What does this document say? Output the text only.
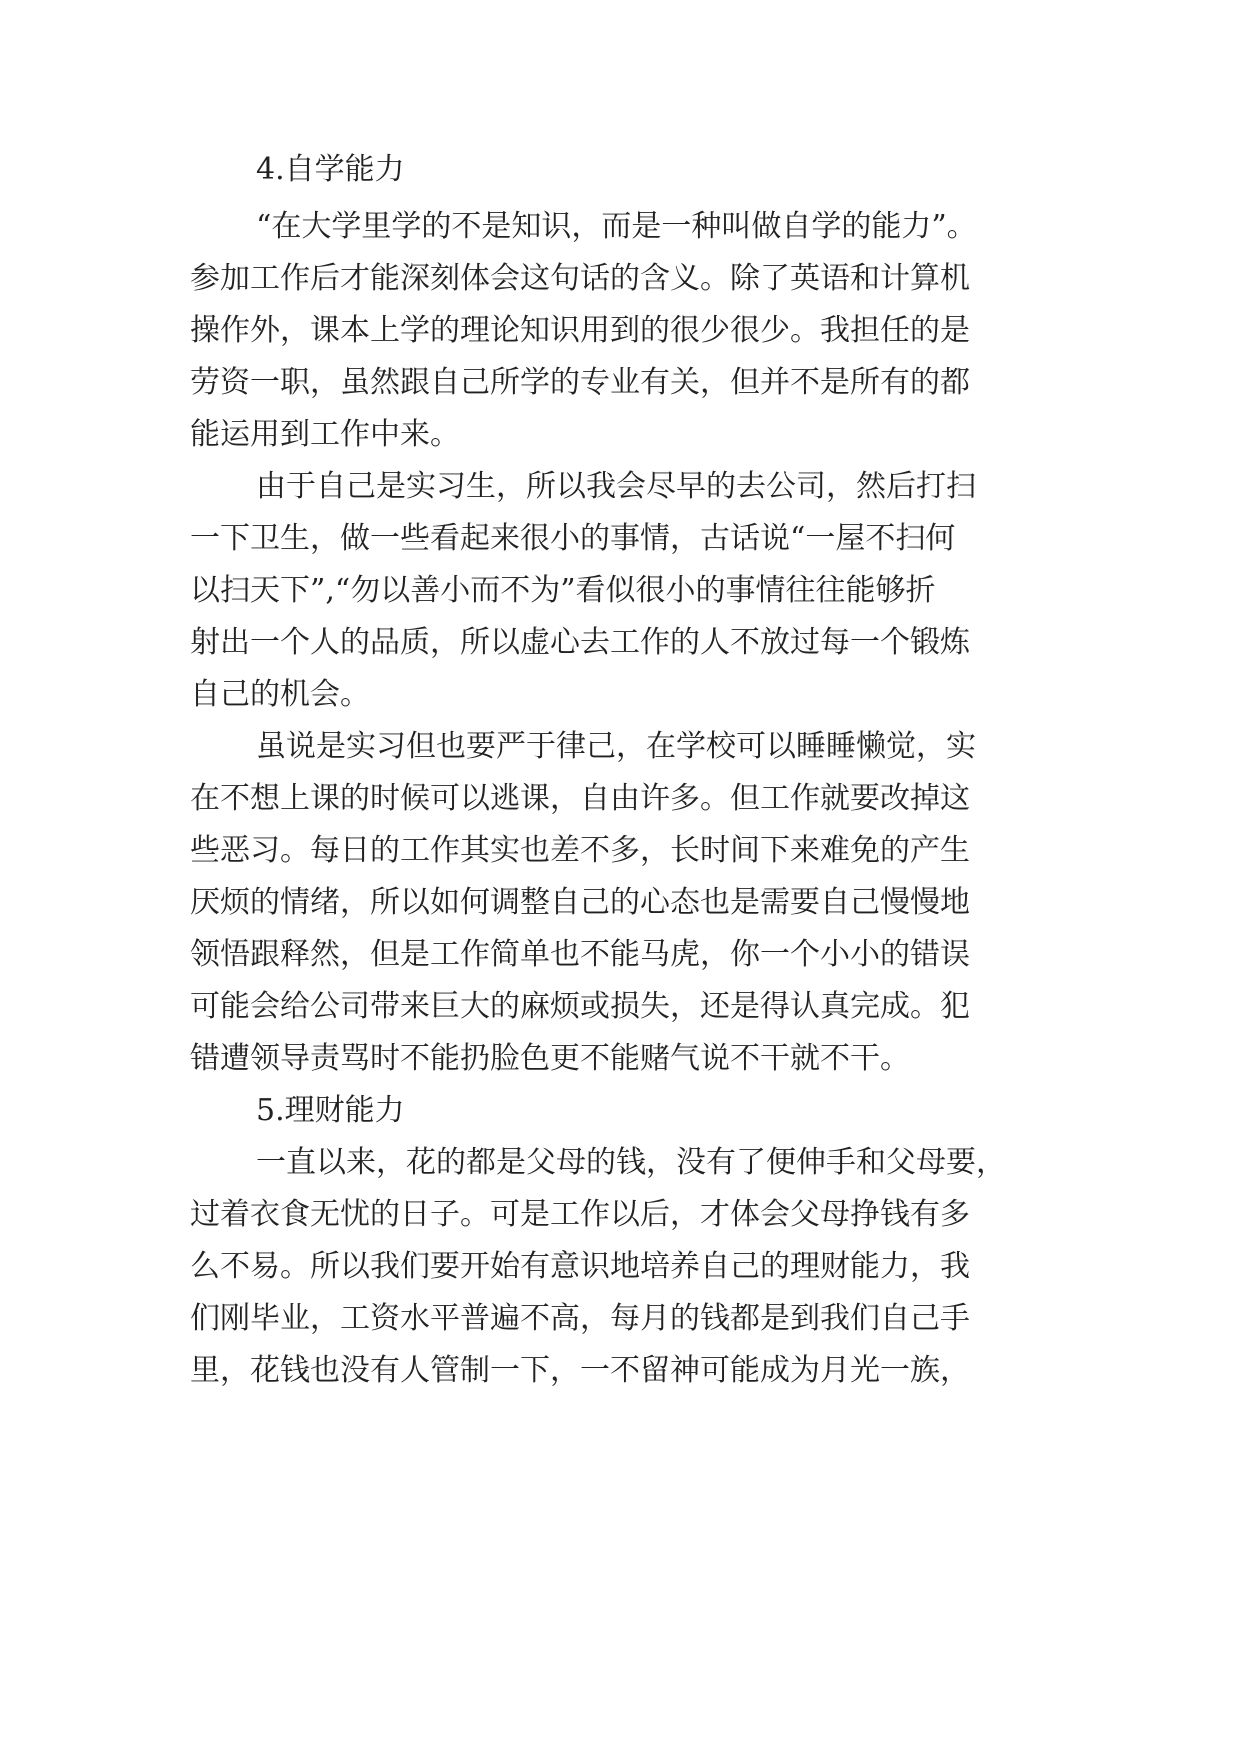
4.自学能力
“在大学里学的不是知识，而是一种叫做自学的能力”。
参加工作后才能深刻体会这句话的含义。除了英语和计算机
操作外，课本上学的理论知识用到的很少很少。我担任的是
劳资一职，虽然跟自己所学的专业有关，但并不是所有的都
能运用到工作中来。
由于自己是实习生，所以我会尽早的去公司，然后打扫
一下卫生，做一些看起来很小的事情，古话说“一屋不扫何
以扫天下”,“勿以善小而不为”看似很小的事情往往能够折
射出一个人的品质，所以虚心去工作的人不放过每一个锻炼
自己的机会。
虽说是实习但也要严于律己，在学校可以睡睡懒觉，实
在不想上课的时候可以逃课，自由许多。但工作就要改掉这
些恶习。每日的工作其实也差不多，长时间下来难免的产生
厌烦的情绪，所以如何调整自己的心态也是需要自己慢慢地
领悟跟释然，但是工作简单也不能马虎，你一个小小的错误
可能会给公司带来巨大的麻烦或损失，还是得认真完成。犯
错遭领导责骂时不能扔脸色更不能赌气说不干就不干。
5.理财能力
一直以来，花的都是父母的钱，没有了便伸手和父母要，
过着衣食无忧的日子。可是工作以后，才体会父母挣钱有多
么不易。所以我们要开始有意识地培养自己的理财能力，我
们刚毕业，工资水平普遍不高，每月的钱都是到我们自己手
里，花钱也没有人管制一下，一不留神可能成为月光一族，
